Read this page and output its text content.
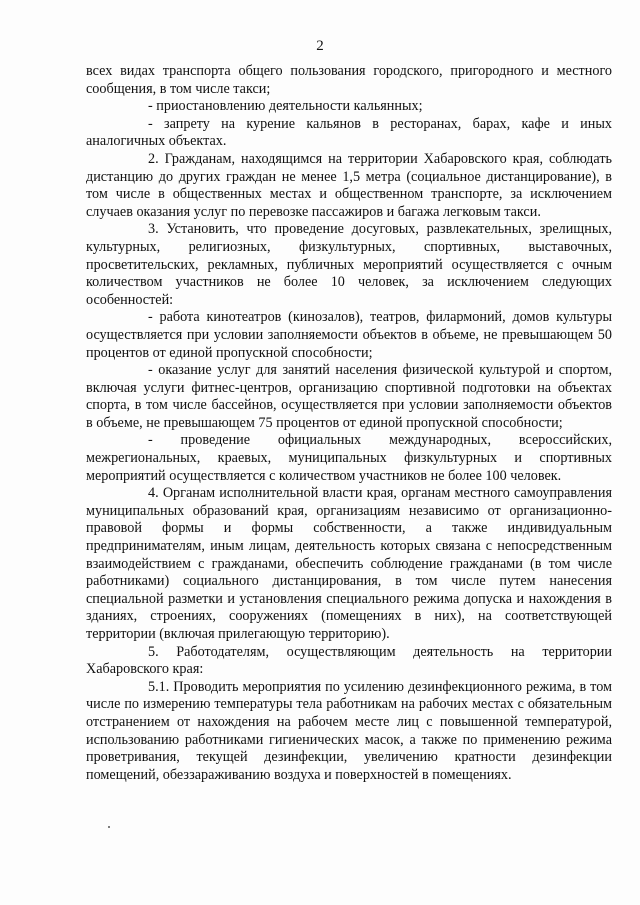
2

всех видах транспорта общего пользования городского, пригородного и местного сообщения, в том числе такси;

- приостановлению деятельности кальянных;

- запрету на курение кальянов в ресторанах, барах, кафе и иных аналогичных объектах.

2. Гражданам, находящимся на территории Хабаровского края, соблюдать дистанцию до других граждан не менее 1,5 метра (социальное дистанцирование), в том числе в общественных местах и общественном транспорте, за исключением случаев оказания услуг по перевозке пассажиров и багажа легковым такси.

3. Установить, что проведение досуговых, развлекательных, зрелищных, культурных, религиозных, физкультурных, спортивных, выставочных, просветительских, рекламных, публичных мероприятий осуществляется с очным количеством участников не более 10 человек, за исключением следующих особенностей:

- работа кинотеатров (кинозалов), театров, филармоний, домов культуры осуществляется при условии заполняемости объектов в объеме, не превышающем 50 процентов от единой пропускной способности;

- оказание услуг для занятий населения физической культурой и спортом, включая услуги фитнес-центров, организацию спортивной подготовки на объектах спорта, в том числе бассейнов, осуществляется при условии заполняемости объектов в объеме, не превышающем 75 процентов от единой пропускной способности;

- проведение официальных международных, всероссийских, межрегиональных, краевых, муниципальных физкультурных и спортивных мероприятий осуществляется с количеством участников не более 100 человек.

4. Органам исполнительной власти края, органам местного самоуправления муниципальных образований края, организациям независимо от организационно-правовой формы и формы собственности, а также индивидуальным предпринимателям, иным лицам, деятельность которых связана с непосредственным взаимодействием с гражданами, обеспечить соблюдение гражданами (в том числе работниками) социального дистанцирования, в том числе путем нанесения специальной разметки и установления специального режима допуска и нахождения в зданиях, строениях, сооружениях (помещениях в них), на соответствующей территории (включая прилегающую территорию).

5. Работодателям, осуществляющим деятельность на территории Хабаровского края:

5.1. Проводить мероприятия по усилению дезинфекционного режима, в том числе по измерению температуры тела работникам на рабочих местах с обязательным отстранением от нахождения на рабочем месте лиц с повышенной температурой, использованию работниками гигиенических масок, а также по применению режима проветривания, текущей дезинфекции, увеличению кратности дезинфекции помещений, обеззараживанию воздуха и поверхностей в помещениях.
